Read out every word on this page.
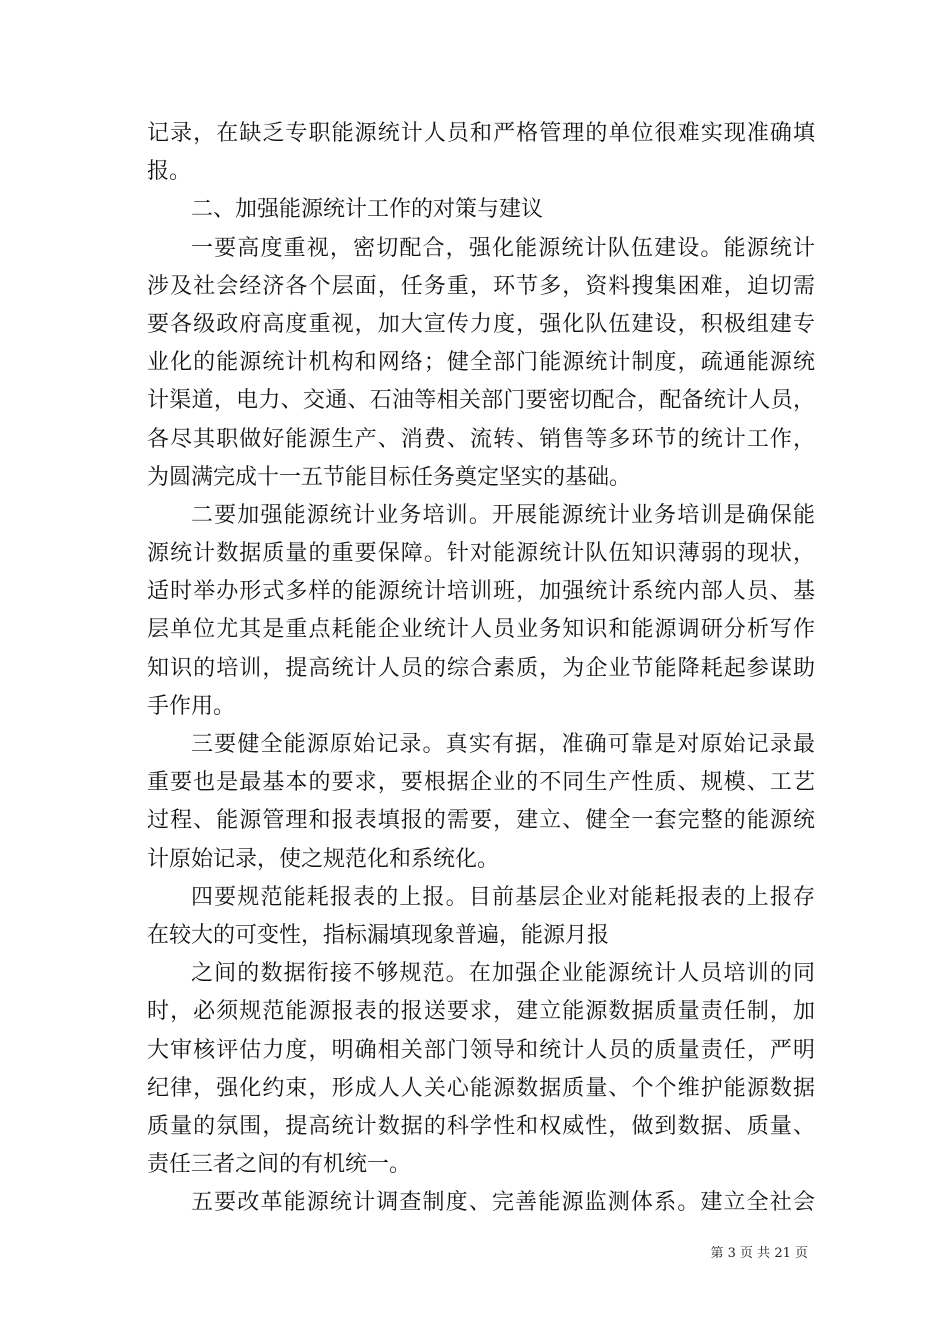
记录，在缺乏专职能源统计人员和严格管理的单位很难实现准确填
报。
二、加强能源统计工作的对策与建议
一要高度重视，密切配合，强化能源统计队伍建设。能源统计
涉及社会经济各个层面，任务重，环节多，资料搜集困难，迫切需
要各级政府高度重视，加大宣传力度，强化队伍建设，积极组建专
业化的能源统计机构和网络；健全部门能源统计制度，疏通能源统
计渠道，电力、交通、石油等相关部门要密切配合，配备统计人员，
各尽其职做好能源生产、消费、流转、销售等多环节的统计工作，
为圆满完成十一五节能目标任务奠定坚实的基础。
二要加强能源统计业务培训。开展能源统计业务培训是确保能
源统计数据质量的重要保障。针对能源统计队伍知识薄弱的现状，
适时举办形式多样的能源统计培训班，加强统计系统内部人员、基
层单位尤其是重点耗能企业统计人员业务知识和能源调研分析写作
知识的培训，提高统计人员的综合素质，为企业节能降耗起参谋助
手作用。
三要健全能源原始记录。真实有据，准确可靠是对原始记录最
重要也是最基本的要求，要根据企业的不同生产性质、规模、工艺
过程、能源管理和报表填报的需要，建立、健全一套完整的能源统
计原始记录，使之规范化和系统化。
四要规范能耗报表的上报。目前基层企业对能耗报表的上报存
在较大的可变性，指标漏填现象普遍，能源月报
之间的数据衔接不够规范。在加强企业能源统计人员培训的同
时，必须规范能源报表的报送要求，建立能源数据质量责任制，加
大审核评估力度，明确相关部门领导和统计人员的质量责任，严明
纪律，强化约束，形成人人关心能源数据质量、个个维护能源数据
质量的氛围，提高统计数据的科学性和权威性，做到数据、质量、
责任三者之间的有机统一。
五要改革能源统计调查制度、完善能源监测体系。建立全社会
第 3 页 共 21 页
